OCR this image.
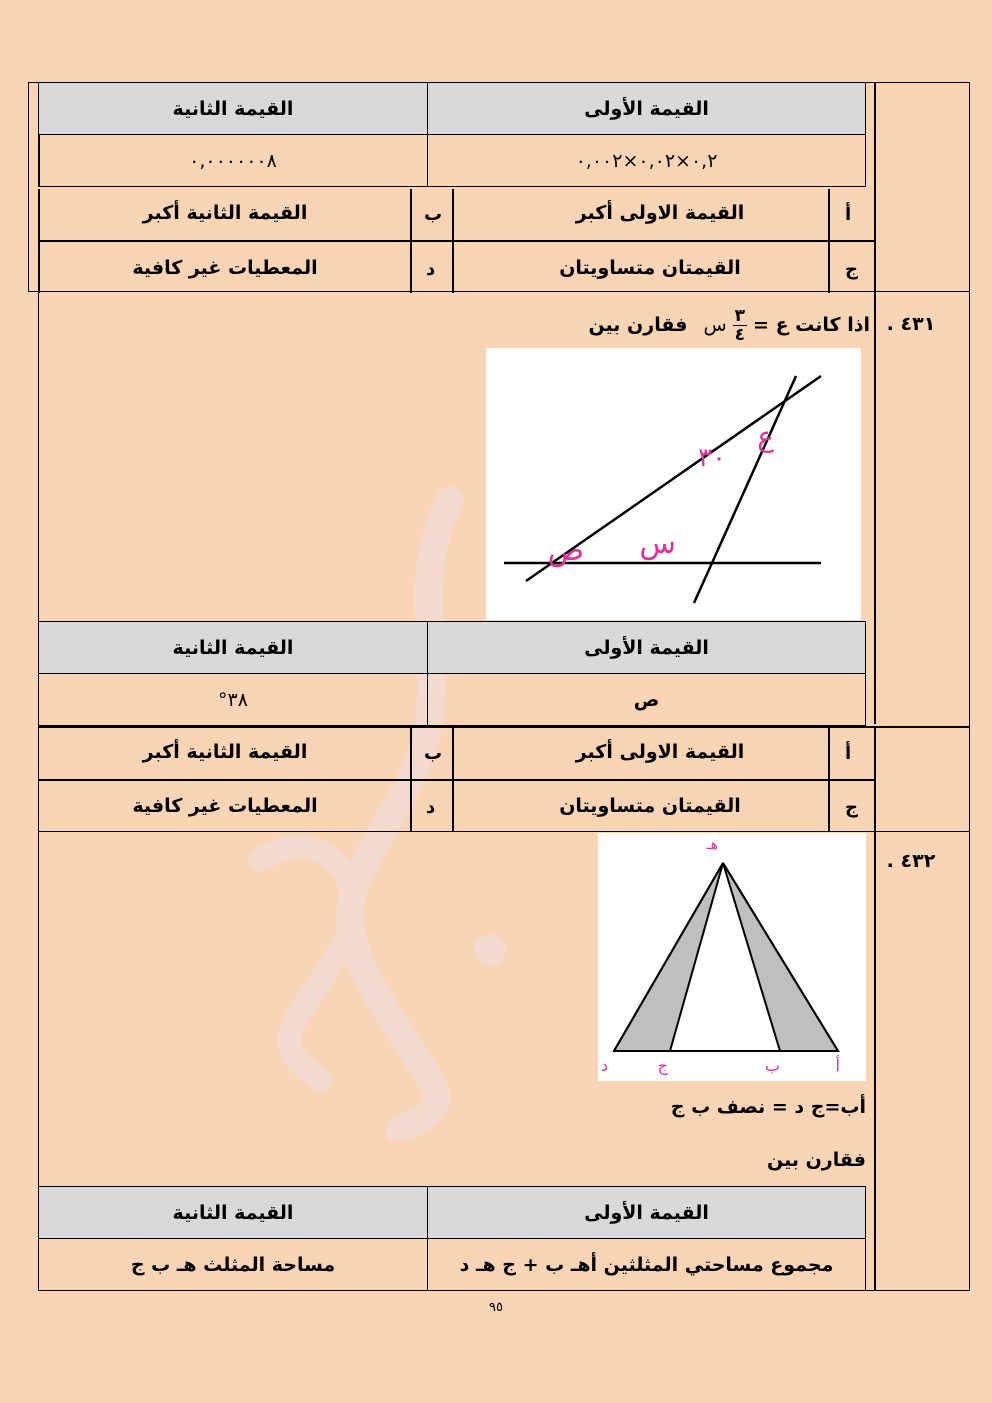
القيمة الثانية	القيمة الأولى
٠,٠٠٠٠٠٠٨	٠,٢×٠,٠٢×٠,٠٠٢
أ
القيمة الاولى أكبر
ب
القيمة الثانية أكبر
ج
القيمتان متساويتان
د
المعطيات غير كافية
٤٣١ .
اذا كانت ع =
٣
٤
س
فقارن بين
ع
٣٠
ص س
القيمة الثانية	القيمة الأولى
٣٨°	ص
أ
القيمة الاولى أكبر
ب
القيمة الثانية أكبر
ج
القيمتان متساويتان
د
المعطيات غير كافية
٤٣٢ .
هـ
أ
ب
ج
د
أب=ج د = نصف ب ج
فقارن بين
القيمة الثانية	القيمة الأولى
مساحة المثلث هـ ب ج	مجموع مساحتي المثلثين أهـ ب + ج هـ د
٩٥
